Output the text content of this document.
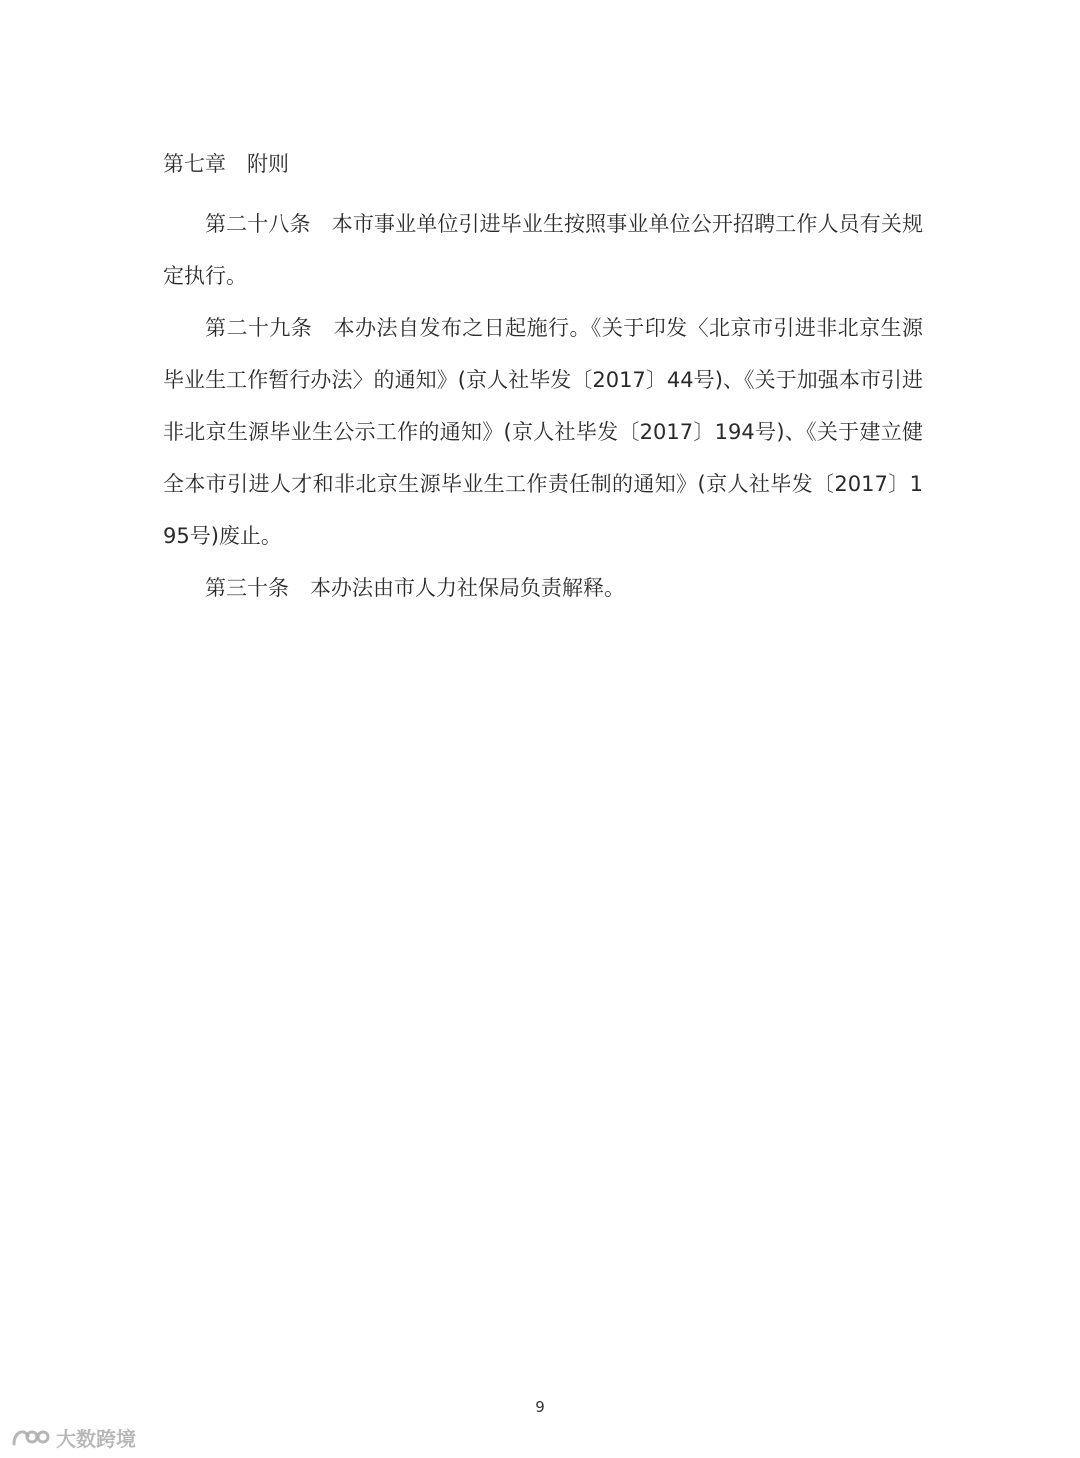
第七章　附则

第二十八条　本市事业单位引进毕业生按照事业单位公开招聘工作人员有关规定执行。

第二十九条　本办法自发布之日起施行。《关于印发〈北京市引进非北京生源毕业生工作暂行办法〉的通知》(京人社毕发〔2017〕44号)、《关于加强本市引进非北京生源毕业生公示工作的通知》(京人社毕发〔2017〕194号)、《关于建立健全本市引进人才和非北京生源毕业生工作责任制的通知》(京人社毕发〔2017〕195号)废止。

第三十条　本办法由市人力社保局负责解释。

9
大数跨境
